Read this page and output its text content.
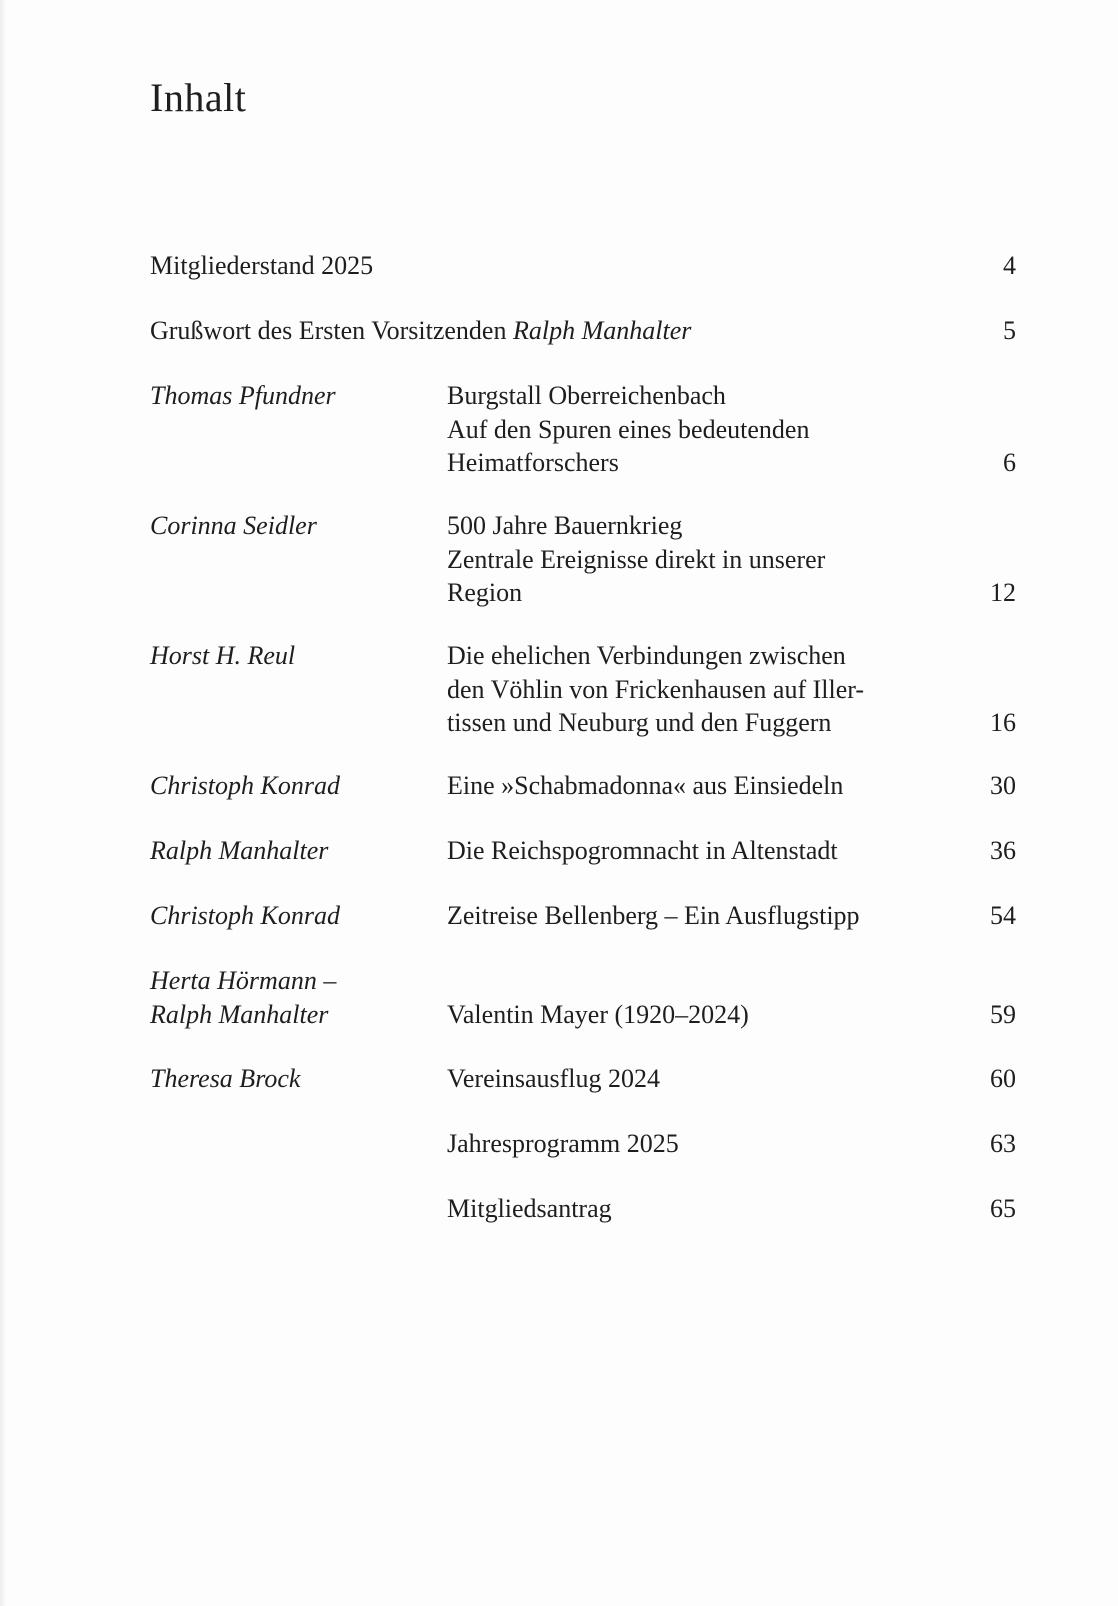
Inhalt
Mitgliederstand 2025	4
Grußwort des Ersten Vorsitzenden Ralph Manhalter	5
Thomas Pfundner	Burgstall Oberreichenbach
Auf den Spuren eines bedeutenden
Heimatforschers	6
Corinna Seidler	500 Jahre Bauernkrieg
Zentrale Ereignisse direkt in unserer
Region	12
Horst H. Reul	Die ehelichen Verbindungen zwischen
den Vöhlin von Frickenhausen auf Iller-
tissen und Neuburg und den Fuggern	16
Christoph Konrad	Eine »Schabmadonna« aus Einsiedeln	30
Ralph Manhalter	Die Reichspogromnacht in Altenstadt	36
Christoph Konrad	Zeitreise Bellenberg – Ein Ausflugstipp	54
Herta Hörmann –
Ralph Manhalter	Valentin Mayer (1920–2024)	59
Theresa Brock	Vereinsausflug 2024	60
Jahresprogramm 2025	63
Mitgliedsantrag	65
